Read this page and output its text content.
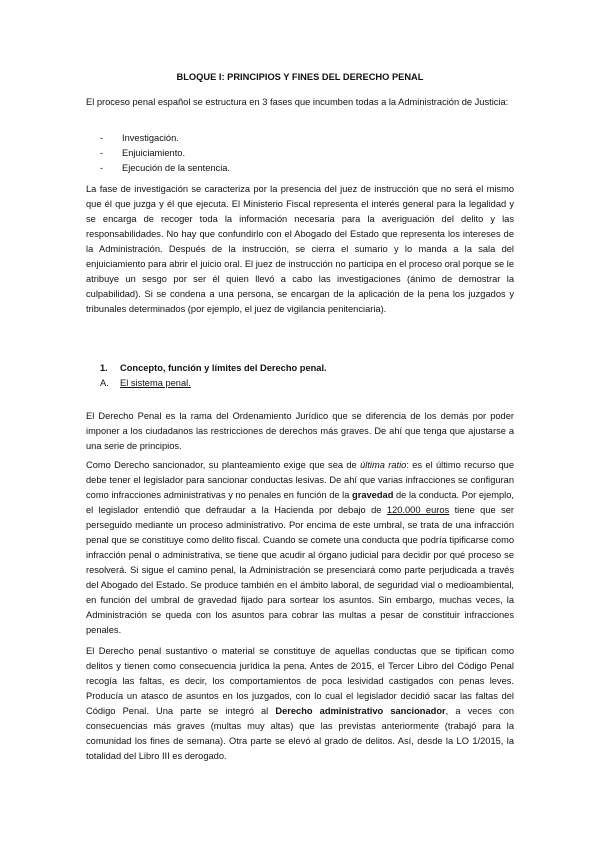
BLOQUE I: PRINCIPIOS Y FINES DEL DERECHO PENAL

El proceso penal español se estructura en 3 fases que incumben todas a la Administración de Justicia:

- Investigación.
- Enjuiciamiento.
- Ejecución de la sentencia.

La fase de investigación se caracteriza por la presencia del juez de instrucción que no será el mismo que él que juzga y él que ejecuta. El Ministerio Fiscal representa el interés general para la legalidad y se encarga de recoger toda la información necesaria para la averiguación del delito y las responsabilidades. No hay que confundirlo con el Abogado del Estado que representa los intereses de la Administración. Después de la instrucción, se cierra el sumario y lo manda a la sala del enjuiciamiento para abrir el juicio oral. El juez de instrucción no participa en el proceso oral porque se le atribuye un sesgo por ser él quien llevó a cabo las investigaciones (ánimo de demostrar la culpabilidad). Si se condena a una persona, se encargan de la aplicación de la pena los juzgados y tribunales determinados (por ejemplo, el juez de vigilancia penitenciaria).

1. Concepto, función y límites del Derecho penal.
A. El sistema penal.

El Derecho Penal es la rama del Ordenamiento Jurídico que se diferencia de los demás por poder imponer a los ciudadanos las restricciones de derechos más graves. De ahí que tenga que ajustarse a una serie de principios.

Como Derecho sancionador, su planteamiento exige que sea de última ratio: es el último recurso que debe tener el legislador para sancionar conductas lesivas. De ahí que varias infracciones se configuran como infracciones administrativas y no penales en función de la gravedad de la conducta. Por ejemplo, el legislador entendió que defraudar a la Hacienda por debajo de 120.000 euros tiene que ser perseguido mediante un proceso administrativo. Por encima de este umbral, se trata de una infracción penal que se constituye como delito fiscal. Cuando se comete una conducta que podría tipificarse como infracción penal o administrativa, se tiene que acudir al órgano judicial para decidir por qué proceso se resolverá. Si sigue el camino penal, la Administración se presenciará como parte perjudicada a través del Abogado del Estado. Se produce también en el ámbito laboral, de seguridad vial o medioambiental, en función del umbral de gravedad fijado para sortear los asuntos. Sin embargo, muchas veces, la Administración se queda con los asuntos para cobrar las multas a pesar de constituir infracciones penales.

El Derecho penal sustantivo o material se constituye de aquellas conductas que se tipifican como delitos y tienen como consecuencia jurídica la pena. Antes de 2015, el Tercer Libro del Código Penal recogía las faltas, es decir, los comportamientos de poca lesividad castigados con penas leves. Producía un atasco de asuntos en los juzgados, con lo cual el legislador decidió sacar las faltas del Código Penal. Una parte se integró al Derecho administrativo sancionador, a veces con consecuencias más graves (multas muy altas) que las previstas anteriormente (trabajó para la comunidad los fines de semana). Otra parte se elevó al grado de delitos. Así, desde la LO 1/2015, la totalidad del Libro III es derogado.
